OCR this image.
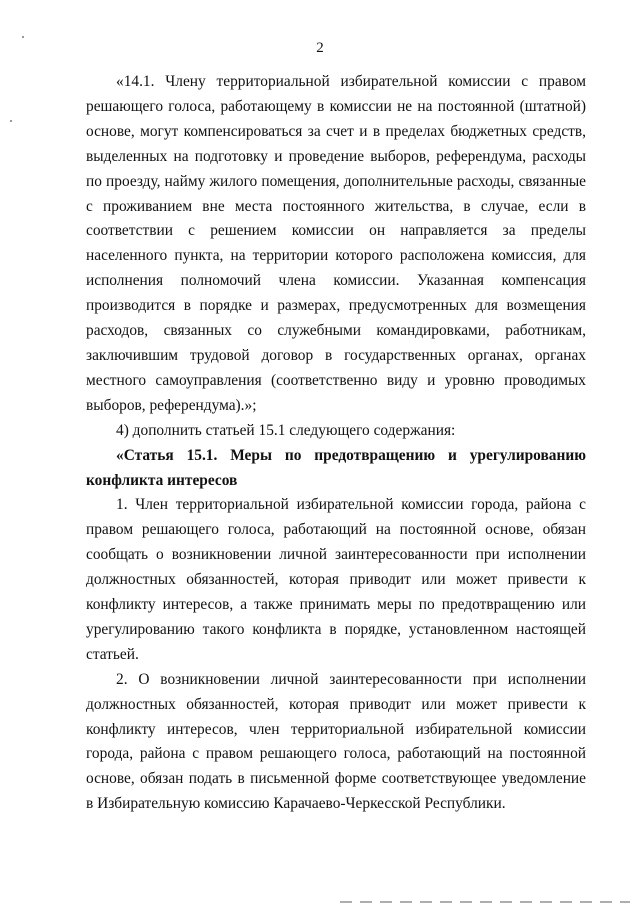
2

«14.1. Члену территориальной избирательной комиссии с правом решающего голоса, работающему в комиссии не на постоянной (штатной) основе, могут компенсироваться за счет и в пределах бюджетных средств, выделенных на подготовку и проведение выборов, референдума, расходы по проезду, найму жилого помещения, дополнительные расходы, связанные с проживанием вне места постоянного жительства, в случае, если в соответствии с решением комиссии он направляется за пределы населенного пункта, на территории которого расположена комиссия, для исполнения полномочий члена комиссии. Указанная компенсация производится в порядке и размерах, предусмотренных для возмещения расходов, связанных со служебными командировками, работникам, заключившим трудовой договор в государственных органах, органах местного самоуправления (соответственно виду и уровню проводимых выборов, референдума).»;

4) дополнить статьей 15.1 следующего содержания:

«Статья 15.1. Меры по предотвращению и урегулированию конфликта интересов

1. Член территориальной избирательной комиссии города, района с правом решающего голоса, работающий на постоянной основе, обязан сообщать о возникновении личной заинтересованности при исполнении должностных обязанностей, которая приводит или может привести к конфликту интересов, а также принимать меры по предотвращению или урегулированию такого конфликта в порядке, установленном настоящей статьей.

2. О возникновении личной заинтересованности при исполнении должностных обязанностей, которая приводит или может привести к конфликту интересов, член территориальной избирательной комиссии города, района с правом решающего голоса, работающий на постоянной основе, обязан подать в письменной форме соответствующее уведомление в Избирательную комиссию Карачаево-Черкесской Республики.
